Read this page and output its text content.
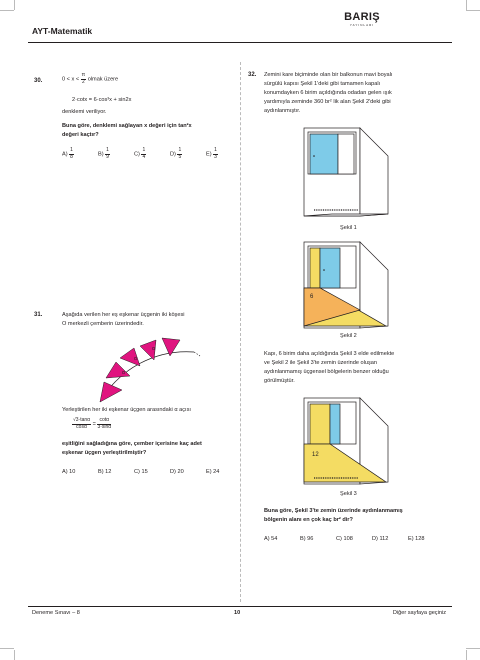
AYT-Matematik
BARIŞ
YAYINLARI
30.	$0 < x < \frac{\pi}{2}$ olmak üzere
2·cotx = 6·cos³x + sin2x
denklemi veriliyor.
Buna göre, denklemi sağlayan x değeri için tan²x
değeri kaçtır?
$A) \frac{1}{8}$	$B) \frac{1}{9}$	$C) \frac{1}{4}$	$D) \frac{1}{5}$	$E) \frac{1}{3}$
31.	Aşağıda verilen her eş eşkenar üçgenin iki köşesi
O merkezli çemberin üzerindedir.
α
α
α
Yerleştirilen her iki eşkenar üçgen arasındaki α açısı
$\frac{√3\cdot\tan\alpha}{\cos\alpha} = \frac{\cot\alpha}{3\cdot\sin\alpha}$
eşitliğini sağladığına göre, çember içerisine kaç adet
eşkenar üçgen yerleştirilmiştir?
A) 10	B) 12	C) 15	D) 20	E) 24
32. Zemini kare biçiminde olan bir balkonun mavi boyalı
sürgülü kapısı Şekil 1'deki gibi tamamen kapalı
konumdayken 6 birim açıldığında odadan gelen ışık
yardımıyla zeminde 360 br² lik alan Şekil 2'deki gibi
aydınlanmıştır.
Şekil 1
6
Şekil 2
Kapı, 6 birim daha açıldığında Şekil 3 elde edilmekte
ve Şekil 2 ile Şekil 3'te zemin üzerinde oluşan
aydınlanmamış üçgensel bölgelerin benzer olduğu
görülmüştür.
12
Şekil 3
Buna göre, Şekil 3'te zemin üzerinde aydınlanmamış
bölgenin alanı en çok kaç br² dir?
A) 54	B) 96	C) 108	D) 112	E) 128
Deneme Sınavı – 8	10	Diğer sayfaya geçiniz
